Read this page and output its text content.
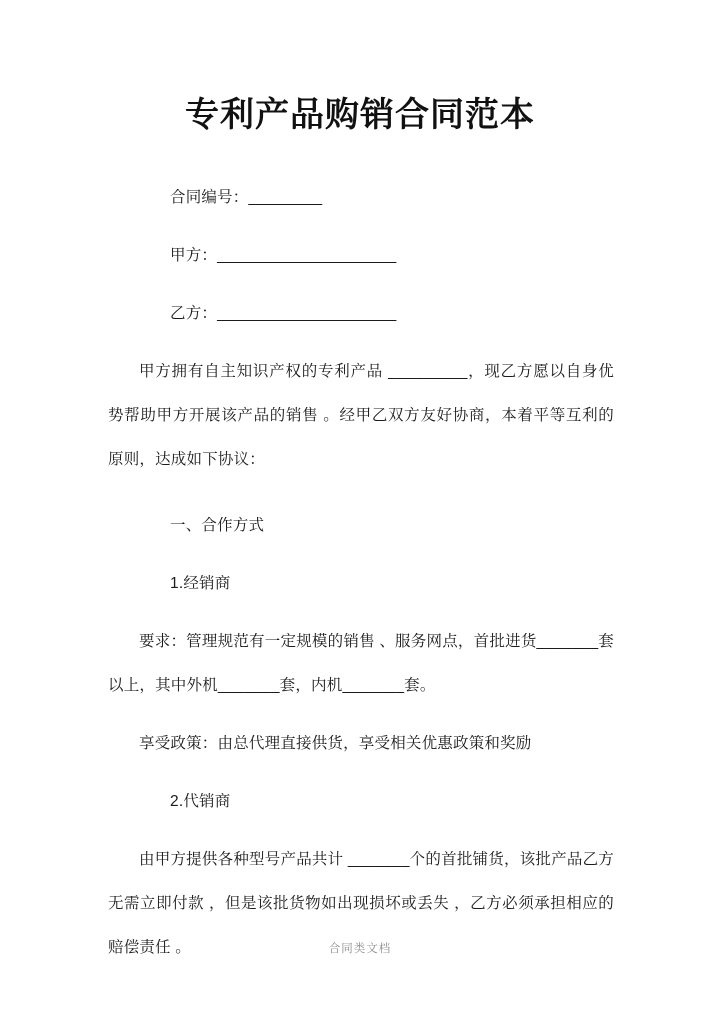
专利产品购销合同范本

合同编号：_________

甲方：______________________

乙方：______________________

甲方拥有自主知识产权的专利产品 _________，现乙方愿以自身优势帮助甲方开展该产品的销售 。经甲乙双方友好协商，本着平等互利的原则，达成如下协议：

一、合作方式

1.经销商

要求：管理规范有一定规模的销售 、服务网点，首批进货_______套以上，其中外机_______套，内机_______套。

享受政策：由总代理直接供货，享受相关优惠政策和奖励

2.代销商

由甲方提供各种型号产品共计 _______个的首批铺货，该批产品乙方无需立即付款 ，但是该批货物如出现损坏或丢失 ，乙方必须承担相应的赔偿责任 。	合同类文档
